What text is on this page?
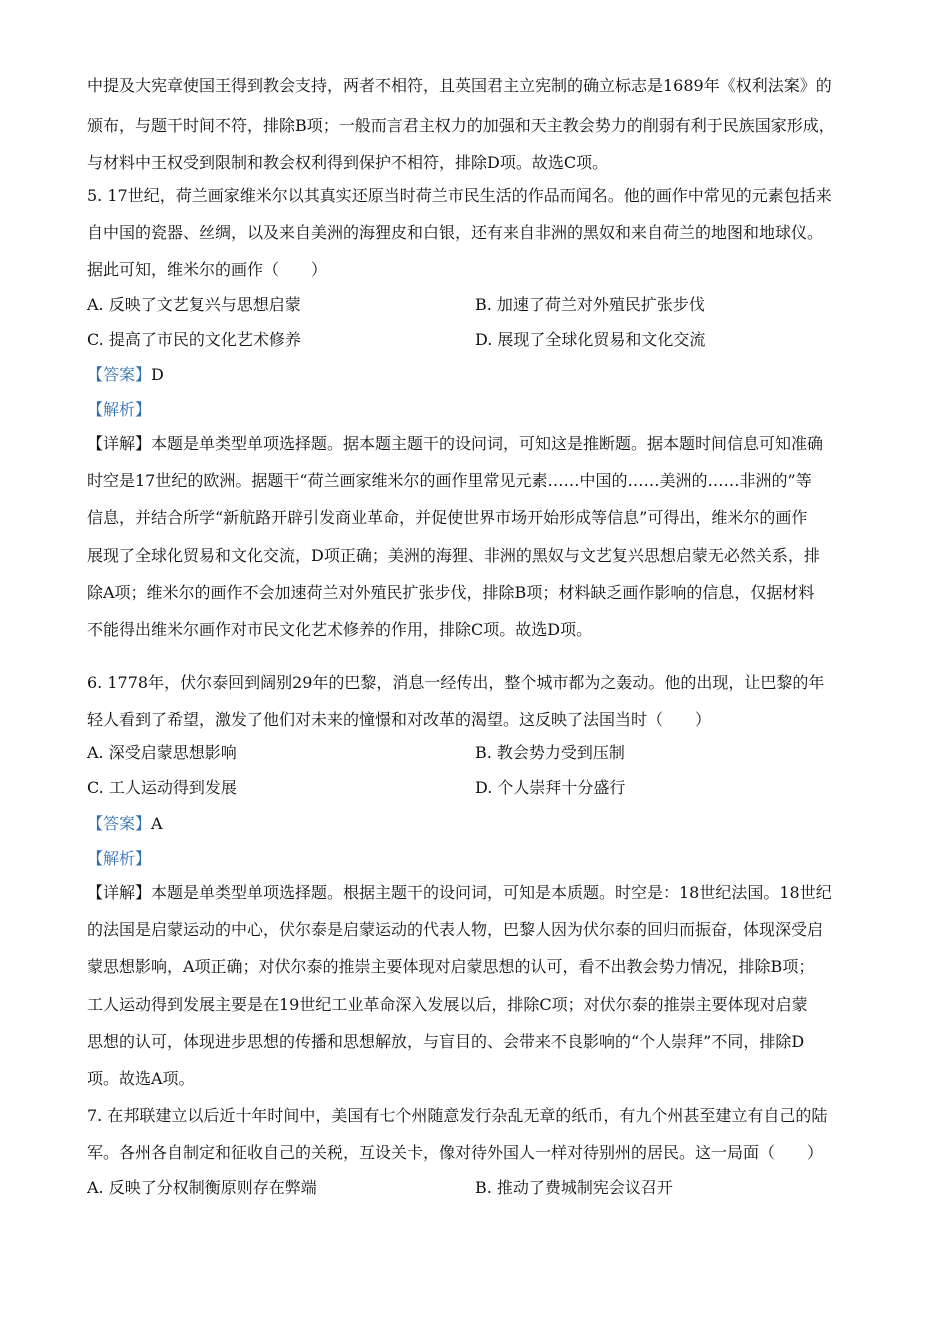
中提及大宪章使国王得到教会支持，两者不相符，且英国君主立宪制的确立标志是1689年《权利法案》的
颁布，与题干时间不符，排除B项；一般而言君主权力的加强和天主教会势力的削弱有利于民族国家形成，
与材料中王权受到限制和教会权利得到保护不相符，排除D项。故选C项。
5. 17世纪，荷兰画家维米尔以其真实还原当时荷兰市民生活的作品而闻名。他的画作中常见的元素包括来
自中国的瓷器、丝绸，以及来自美洲的海狸皮和白银，还有来自非洲的黑奴和来自荷兰的地图和地球仪。
据此可知，维米尔的画作（　　）
A. 反映了文艺复兴与思想启蒙	B. 加速了荷兰对外殖民扩张步伐
C. 提高了市民的文化艺术修养	D. 展现了全球化贸易和文化交流
【答案】D
【解析】
【详解】本题是单类型单项选择题。据本题主题干的设问词，可知这是推断题。据本题时间信息可知准确
时空是17世纪的欧洲。据题干“荷兰画家维米尔的画作里常见元素……中国的……美洲的……非洲的”等
信息，并结合所学“新航路开辟引发商业革命，并促使世界市场开始形成等信息”可得出，维米尔的画作
展现了全球化贸易和文化交流，D项正确；美洲的海狸、非洲的黑奴与文艺复兴思想启蒙无必然关系，排
除A项；维米尔的画作不会加速荷兰对外殖民扩张步伐，排除B项；材料缺乏画作影响的信息，仅据材料
不能得出维米尔画作对市民文化艺术修养的作用，排除C项。故选D项。
6. 1778年，伏尔泰回到阔别29年的巴黎，消息一经传出，整个城市都为之轰动。他的出现，让巴黎的年
轻人看到了希望，激发了他们对未来的憧憬和对改革的渴望。这反映了法国当时（　　）
A. 深受启蒙思想影响	B. 教会势力受到压制
C. 工人运动得到发展	D. 个人崇拜十分盛行
【答案】A
【解析】
【详解】本题是单类型单项选择题。根据主题干的设问词，可知是本质题。时空是：18世纪法国。18世纪
的法国是启蒙运动的中心，伏尔泰是启蒙运动的代表人物，巴黎人因为伏尔泰的回归而振奋，体现深受启
蒙思想影响，A项正确；对伏尔泰的推崇主要体现对启蒙思想的认可，看不出教会势力情况，排除B项；
工人运动得到发展主要是在19世纪工业革命深入发展以后，排除C项；对伏尔泰的推崇主要体现对启蒙
思想的认可，体现进步思想的传播和思想解放，与盲目的、会带来不良影响的“个人崇拜”不同，排除D
项。故选A项。
7. 在邦联建立以后近十年时间中，美国有七个州随意发行杂乱无章的纸币，有九个州甚至建立有自己的陆
军。各州各自制定和征收自己的关税，互设关卡，像对待外国人一样对待别州的居民。这一局面（　　）
A. 反映了分权制衡原则存在弊端	B. 推动了费城制宪会议召开
